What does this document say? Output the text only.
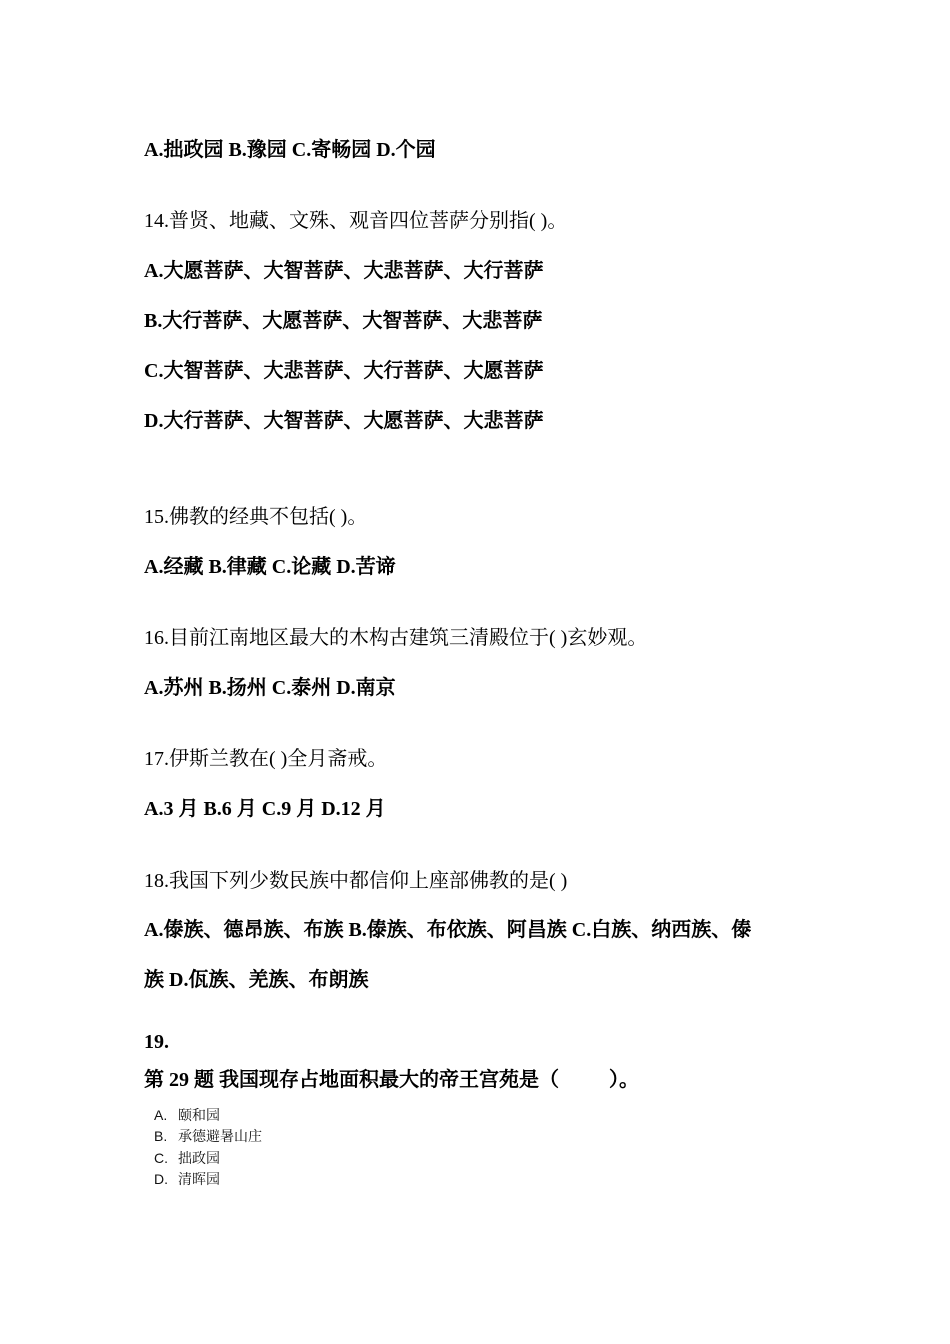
A.拙政园 B.豫园 C.寄畅园 D.个园
14.普贤、地藏、文殊、观音四位菩萨分别指( )。
A.大愿菩萨、大智菩萨、大悲菩萨、大行菩萨
B.大行菩萨、大愿菩萨、大智菩萨、大悲菩萨
C.大智菩萨、大悲菩萨、大行菩萨、大愿菩萨
D.大行菩萨、大智菩萨、大愿菩萨、大悲菩萨
15.佛教的经典不包括( )。
A.经藏 B.律藏 C.论藏 D.苦谛
16.目前江南地区最大的木构古建筑三清殿位于( )玄妙观。
A.苏州 B.扬州 C.泰州 D.南京
17.伊斯兰教在( )全月斋戒。
A.3 月 B.6 月 C.9 月 D.12 月
18.我国下列少数民族中都信仰上座部佛教的是( )
A.傣族、德昂族、布族 B.傣族、布依族、阿昌族 C.白族、纳西族、傣
族 D.佤族、羌族、布朗族
19.
第 29 题 我国现存占地面积最大的帝王宫苑是（	）。
A. 颐和园
B. 承德避暑山庄
C. 拙政园
D. 清晖园
